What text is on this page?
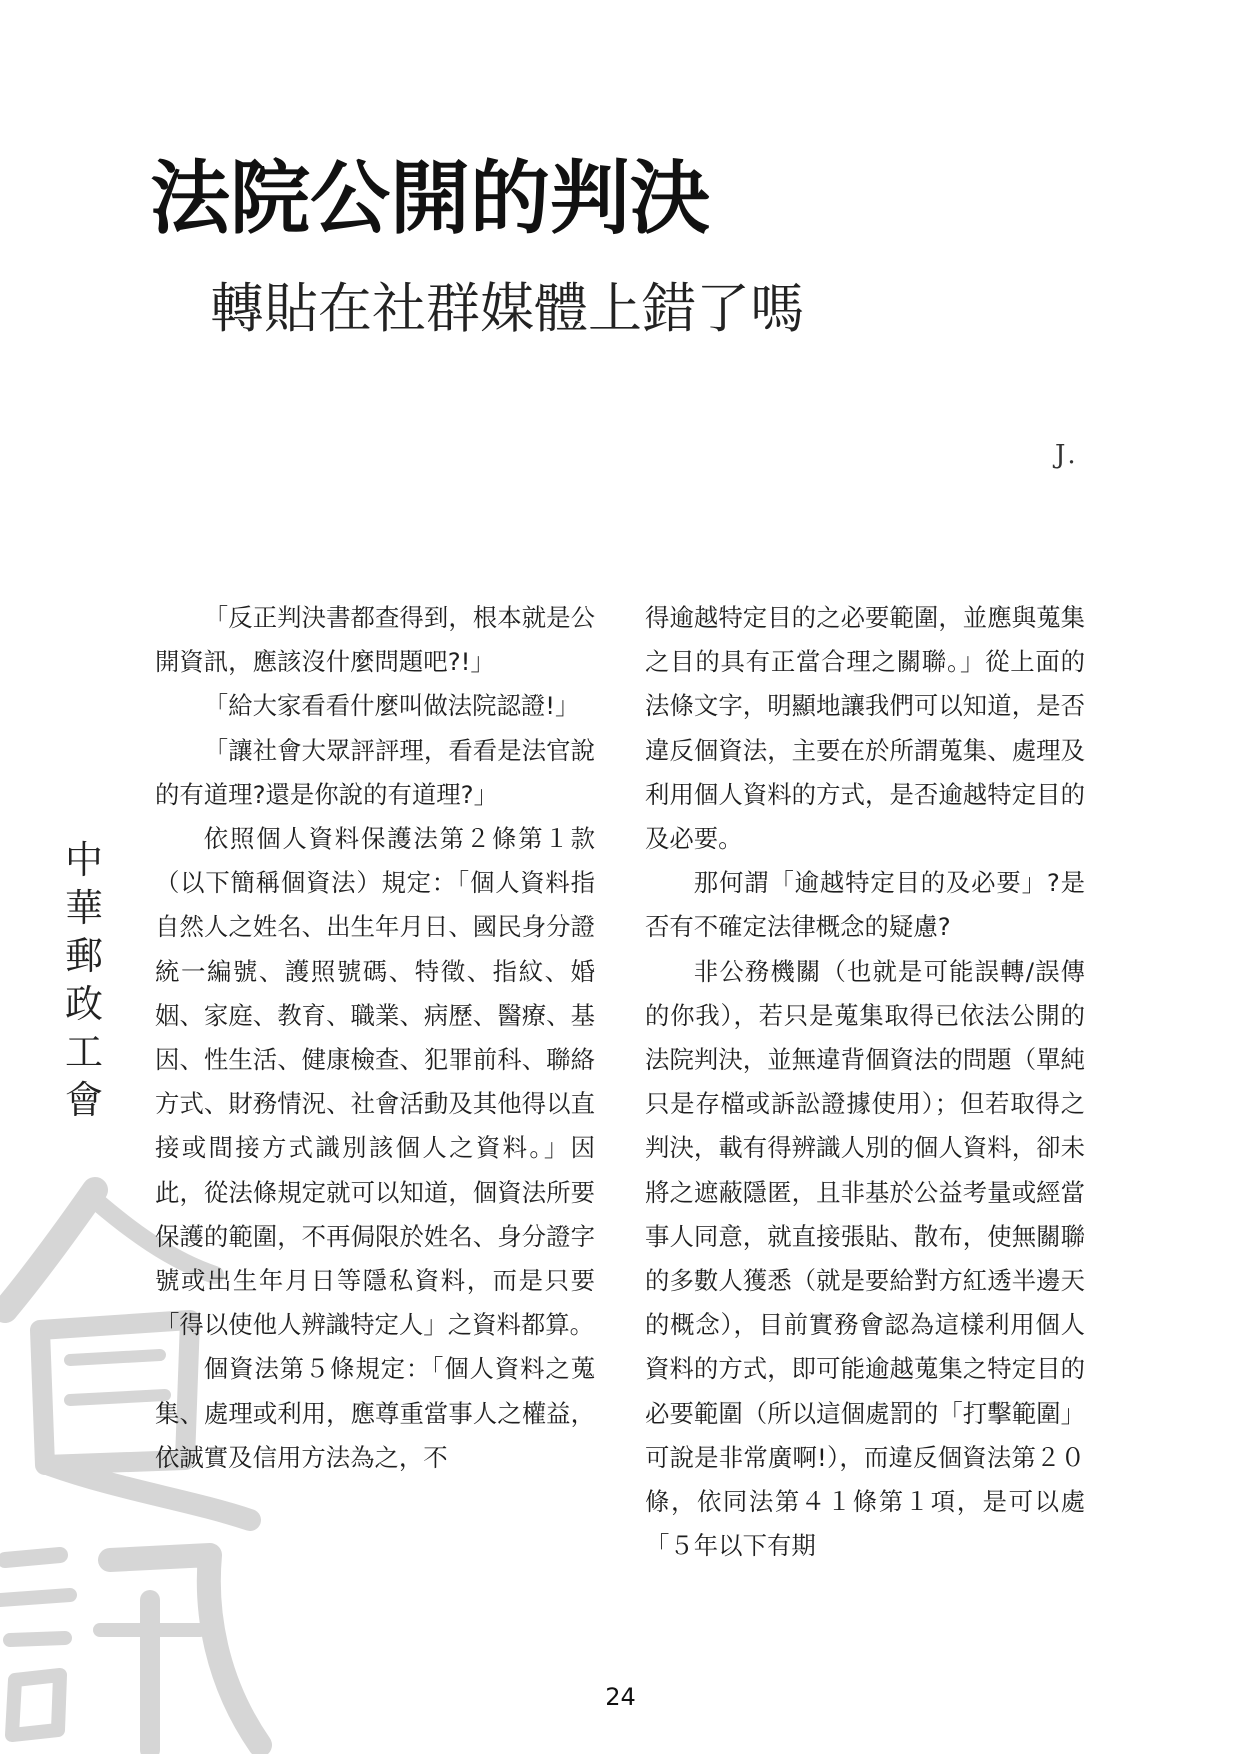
法院公開的判決
轉貼在社群媒體上錯了嗎
J.
中華郵政工會

「反正判決書都查得到，根本就是公開資訊，應該沒什麼問題吧?!」

「給大家看看什麼叫做法院認證!」

「讓社會大眾評評理，看看是法官說的有道理?還是你說的有道理?」

依照個人資料保護法第２條第１款（以下簡稱個資法）規定：「個人資料指自然人之姓名、出生年月日、國民身分證統一編號、護照號碼、特徵、指紋、婚姻、家庭、教育、職業、病歷、醫療、基因、性生活、健康檢查、犯罪前科、聯絡方式、財務情況、社會活動及其他得以直接或間接方式識別該個人之資料。」因此，從法條規定就可以知道，個資法所要保護的範圍，不再侷限於姓名、身分證字號或出生年月日等隱私資料，而是只要「得以使他人辨識特定人」之資料都算。

個資法第５條規定：「個人資料之蒐集、處理或利用，應尊重當事人之權益，依誠實及信用方法為之，不

得逾越特定目的之必要範圍，並應與蒐集之目的具有正當合理之關聯。」從上面的法條文字，明顯地讓我們可以知道，是否違反個資法，主要在於所謂蒐集、處理及利用個人資料的方式，是否逾越特定目的及必要。

那何謂「逾越特定目的及必要」?是否有不確定法律概念的疑慮?

非公務機關（也就是可能誤轉/誤傳的你我），若只是蒐集取得已依法公開的法院判決，並無違背個資法的問題（單純只是存檔或訴訟證據使用）；但若取得之判決，載有得辨識人別的個人資料，卻未將之遮蔽隱匿，且非基於公益考量或經當事人同意，就直接張貼、散布，使無關聯的多數人獲悉（就是要給對方紅透半邊天的概念），目前實務會認為這樣利用個人資料的方式，即可能逾越蒐集之特定目的必要範圍（所以這個處罰的「打擊範圍」可說是非常廣啊!），而違反個資法第２０條，依同法第４１條第１項，是可以處「５年以下有期

24
